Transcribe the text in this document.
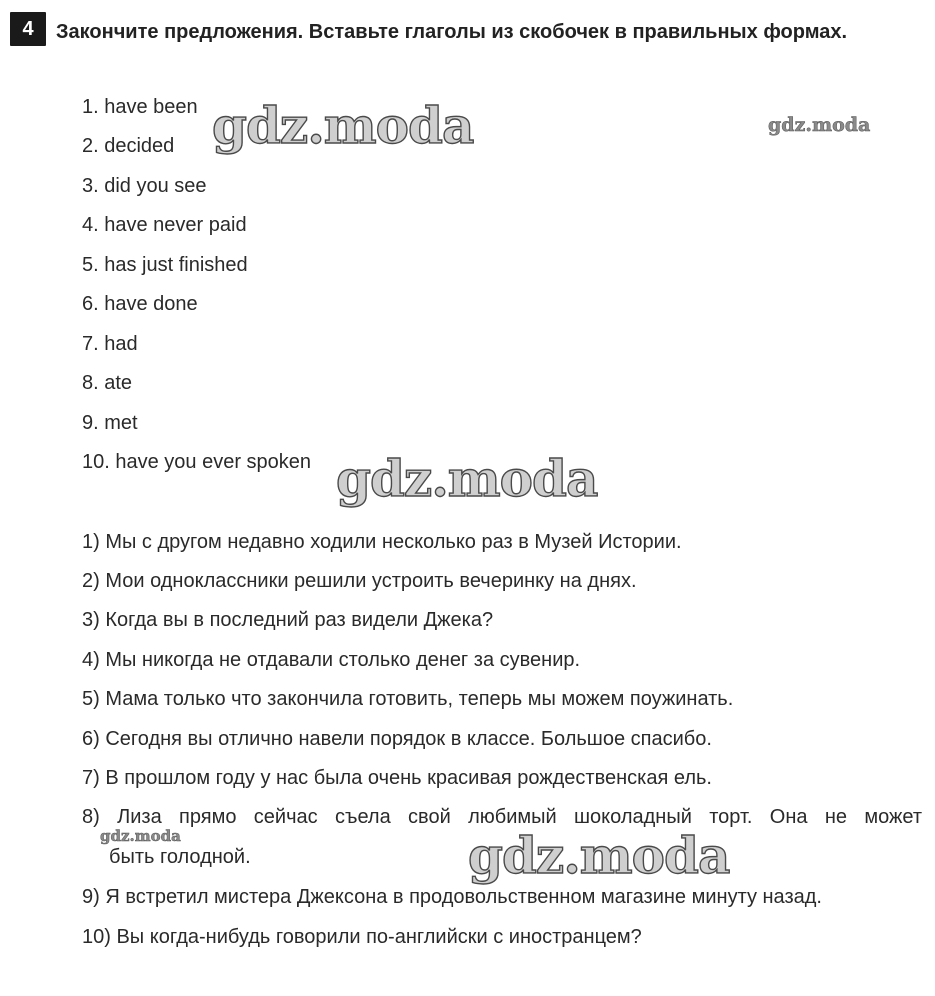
4	Закончите предложения. Вставьте глаголы из скобочек в правильных формах.
1. have been
2. decided
3. did you see
4. have never paid
5. has just finished
6. have done
7. had
8. ate
9. met
10. have you ever spoken
1) Мы с другом недавно ходили несколько раз в Музей Истории.
2) Мои одноклассники решили устроить вечеринку на днях.
3) Когда вы в последний раз видели Джека?
4) Мы никогда не отдавали столько денег за сувенир.
5) Мама только что закончила готовить, теперь мы можем поужинать.
6) Сегодня вы отлично навели порядок в классе. Большое спасибо.
7) В прошлом году у нас была очень красивая рождественская ель.
8) Лиза прямо сейчас съела свой любимый шоколадный торт. Она не может
быть голодной.
9) Я встретил мистера Джексона в продовольственном магазине минуту назад.
10) Вы когда-нибудь говорили по-английски с иностранцем?
gdz.moda	gdz.moda
gdz.moda
gdz.moda	gdz.moda
